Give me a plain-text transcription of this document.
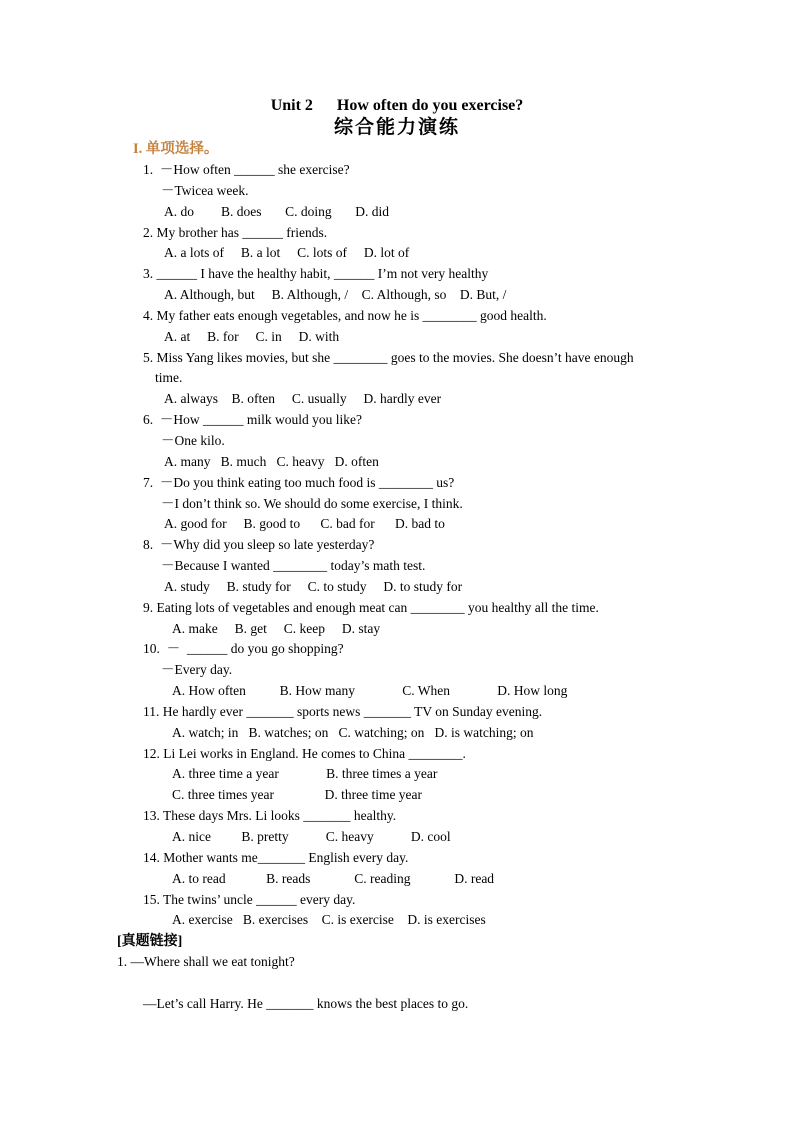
Unit 2      How often do you exercise?
综合能力演练
I. 单项选择。
1.  －How often ______ she exercise?
－Twicea week.
A. do        B. does       C. doing       D. did
2. My brother has ______ friends.
A. a lots of     B. a lot     C. lots of     D. lot of
3. ______ I have the healthy habit, ______ I’m not very healthy
A. Although, but     B. Although, /    C. Although, so    D. But, /
4. My father eats enough vegetables, and now he is ________ good health.
A. at     B. for     C. in     D. with
5. Miss Yang likes movies, but she ________ goes to the movies. She doesn’t have enough
time.
A. always    B. often     C. usually     D. hardly ever
6.  －How ______ milk would you like?
－One kilo.
A. many   B. much   C. heavy   D. often
7.  －Do you think eating too much food is ________ us?
－I don’t think so. We should do some exercise, I think.
A. good for     B. good to      C. bad for      D. bad to
8.  －Why did you sleep so late yesterday?
－Because I wanted ________ today’s math test.
A. study     B. study for     C. to study     D. to study for
9. Eating lots of vegetables and enough meat can ________ you healthy all the time.
A. make     B. get     C. keep     D. stay
10.  －  ______ do you go shopping?
－Every day.
A. How often          B. How many              C. When              D. How long
11. He hardly ever _______ sports news _______ TV on Sunday evening.
A. watch; in   B. watches; on   C. watching; on   D. is watching; on
12. Li Lei works in England. He comes to China ________.
A. three time a year              B. three times a year
C. three times year               D. three time year
13. These days Mrs. Li looks _______ healthy.
A. nice         B. pretty           C. heavy           D. cool
14. Mother wants me_______ English every day.
A. to read            B. reads             C. reading             D. read
15. The twins’ uncle ______ every day.
A. exercise   B. exercises    C. is exercise    D. is exercises
[真题链接]
1. —Where shall we eat tonight?
—Let’s call Harry. He _______ knows the best places to go.
